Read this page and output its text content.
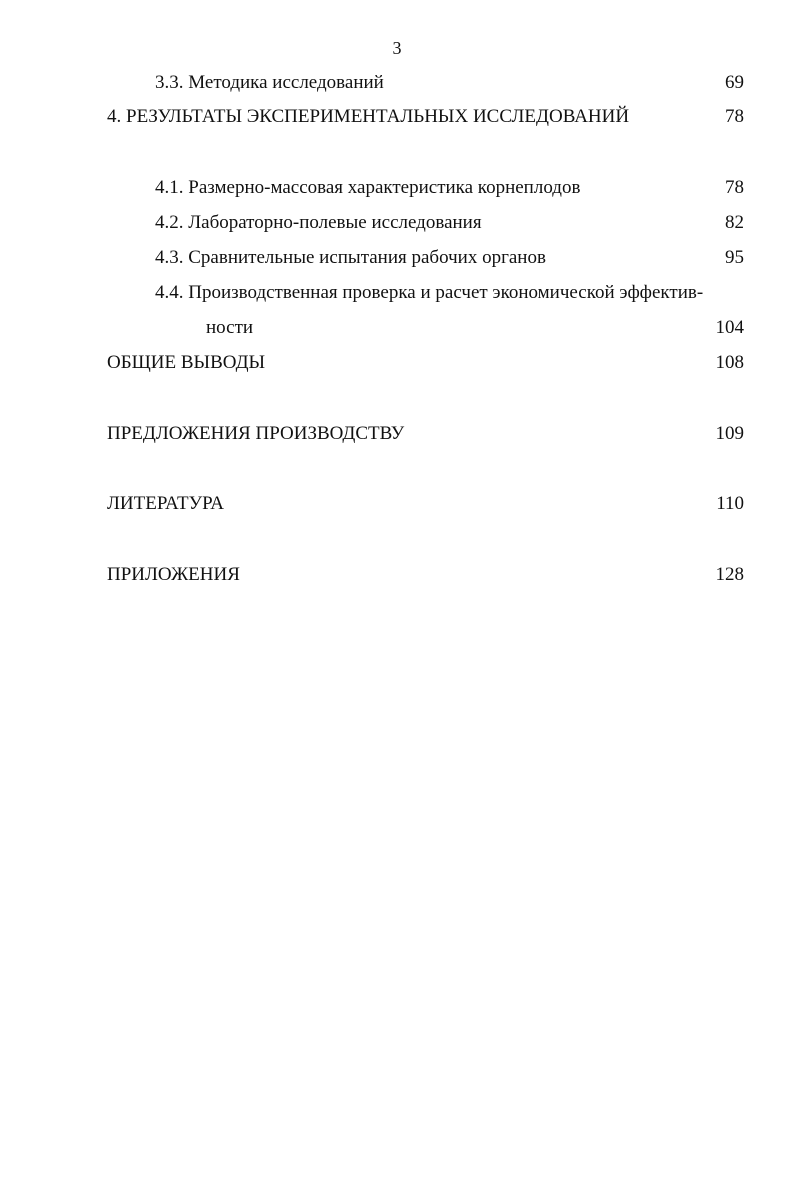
3
3.3. Методика исследований	69
4. РЕЗУЛЬТАТЫ ЭКСПЕРИМЕНТАЛЬНЫХ ИССЛЕДОВАНИЙ	78
4.1. Размерно-массовая характеристика корнеплодов	78
4.2. Лабораторно-полевые исследования	82
4.3. Сравнительные испытания рабочих органов	95
4.4. Производственная проверка и расчет экономической эффектив-
ности	104
ОБЩИЕ ВЫВОДЫ	108
ПРЕДЛОЖЕНИЯ ПРОИЗВОДСТВУ	109
ЛИТЕРАТУРА	110
ПРИЛОЖЕНИЯ	128
